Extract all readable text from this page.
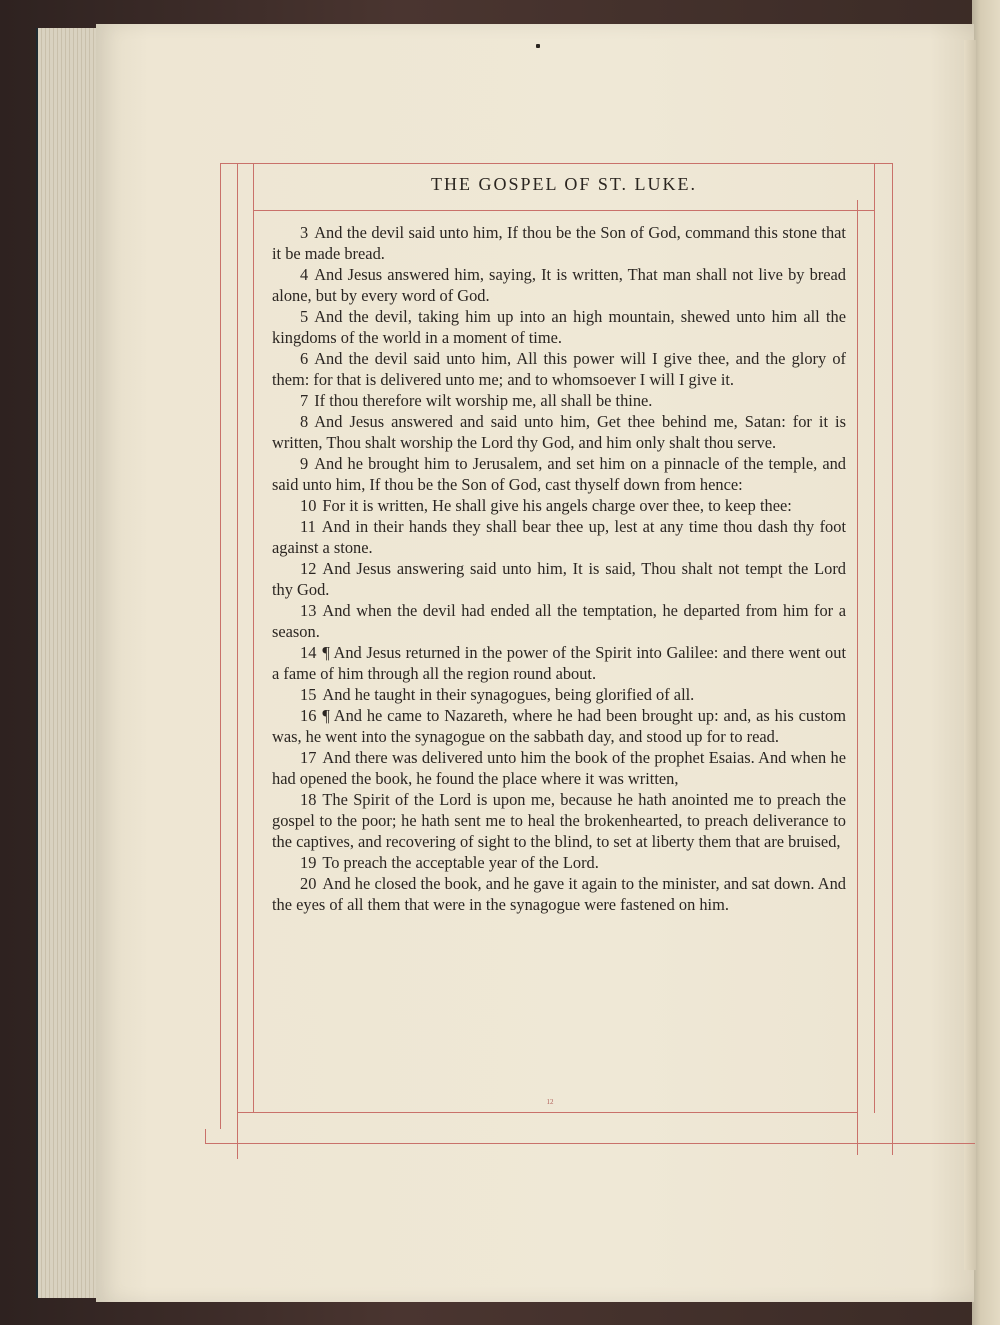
THE GOSPEL OF ST. LUKE.

3 And the devil said unto him, If thou be the Son of God, command this stone that it be made bread.

4 And Jesus answered him, saying, It is written, That man shall not live by bread alone, but by every word of God.

5 And the devil, taking him up into an high mountain, shewed unto him all the kingdoms of the world in a moment of time.

6 And the devil said unto him, All this power will I give thee, and the glory of them: for that is delivered unto me; and to whomsoever I will I give it.

7 If thou therefore wilt worship me, all shall be thine.

8 And Jesus answered and said unto him, Get thee behind me, Satan: for it is written, Thou shalt worship the Lord thy God, and him only shalt thou serve.

9 And he brought him to Jerusalem, and set him on a pinnacle of the temple, and said unto him, If thou be the Son of God, cast thyself down from hence:

10 For it is written, He shall give his angels charge over thee, to keep thee:

11 And in their hands they shall bear thee up, lest at any time thou dash thy foot against a stone.

12 And Jesus answering said unto him, It is said, Thou shalt not tempt the Lord thy God.

13 And when the devil had ended all the temptation, he departed from him for a season.

14 ¶ And Jesus returned in the power of the Spirit into Galilee: and there went out a fame of him through all the region round about.

15 And he taught in their synagogues, being glorified of all.

16 ¶ And he came to Nazareth, where he had been brought up: and, as his custom was, he went into the synagogue on the sabbath day, and stood up for to read.

17 And there was delivered unto him the book of the prophet Esaias. And when he had opened the book, he found the place where it was written,

18 The Spirit of the Lord is upon me, because he hath anointed me to preach the gospel to the poor; he hath sent me to heal the brokenhearted, to preach deliverance to the captives, and recovering of sight to the blind, to set at liberty them that are bruised,

19 To preach the acceptable year of the Lord.

20 And he closed the book, and he gave it again to the minister, and sat down. And the eyes of all them that were in the synagogue were fastened on him.

12
